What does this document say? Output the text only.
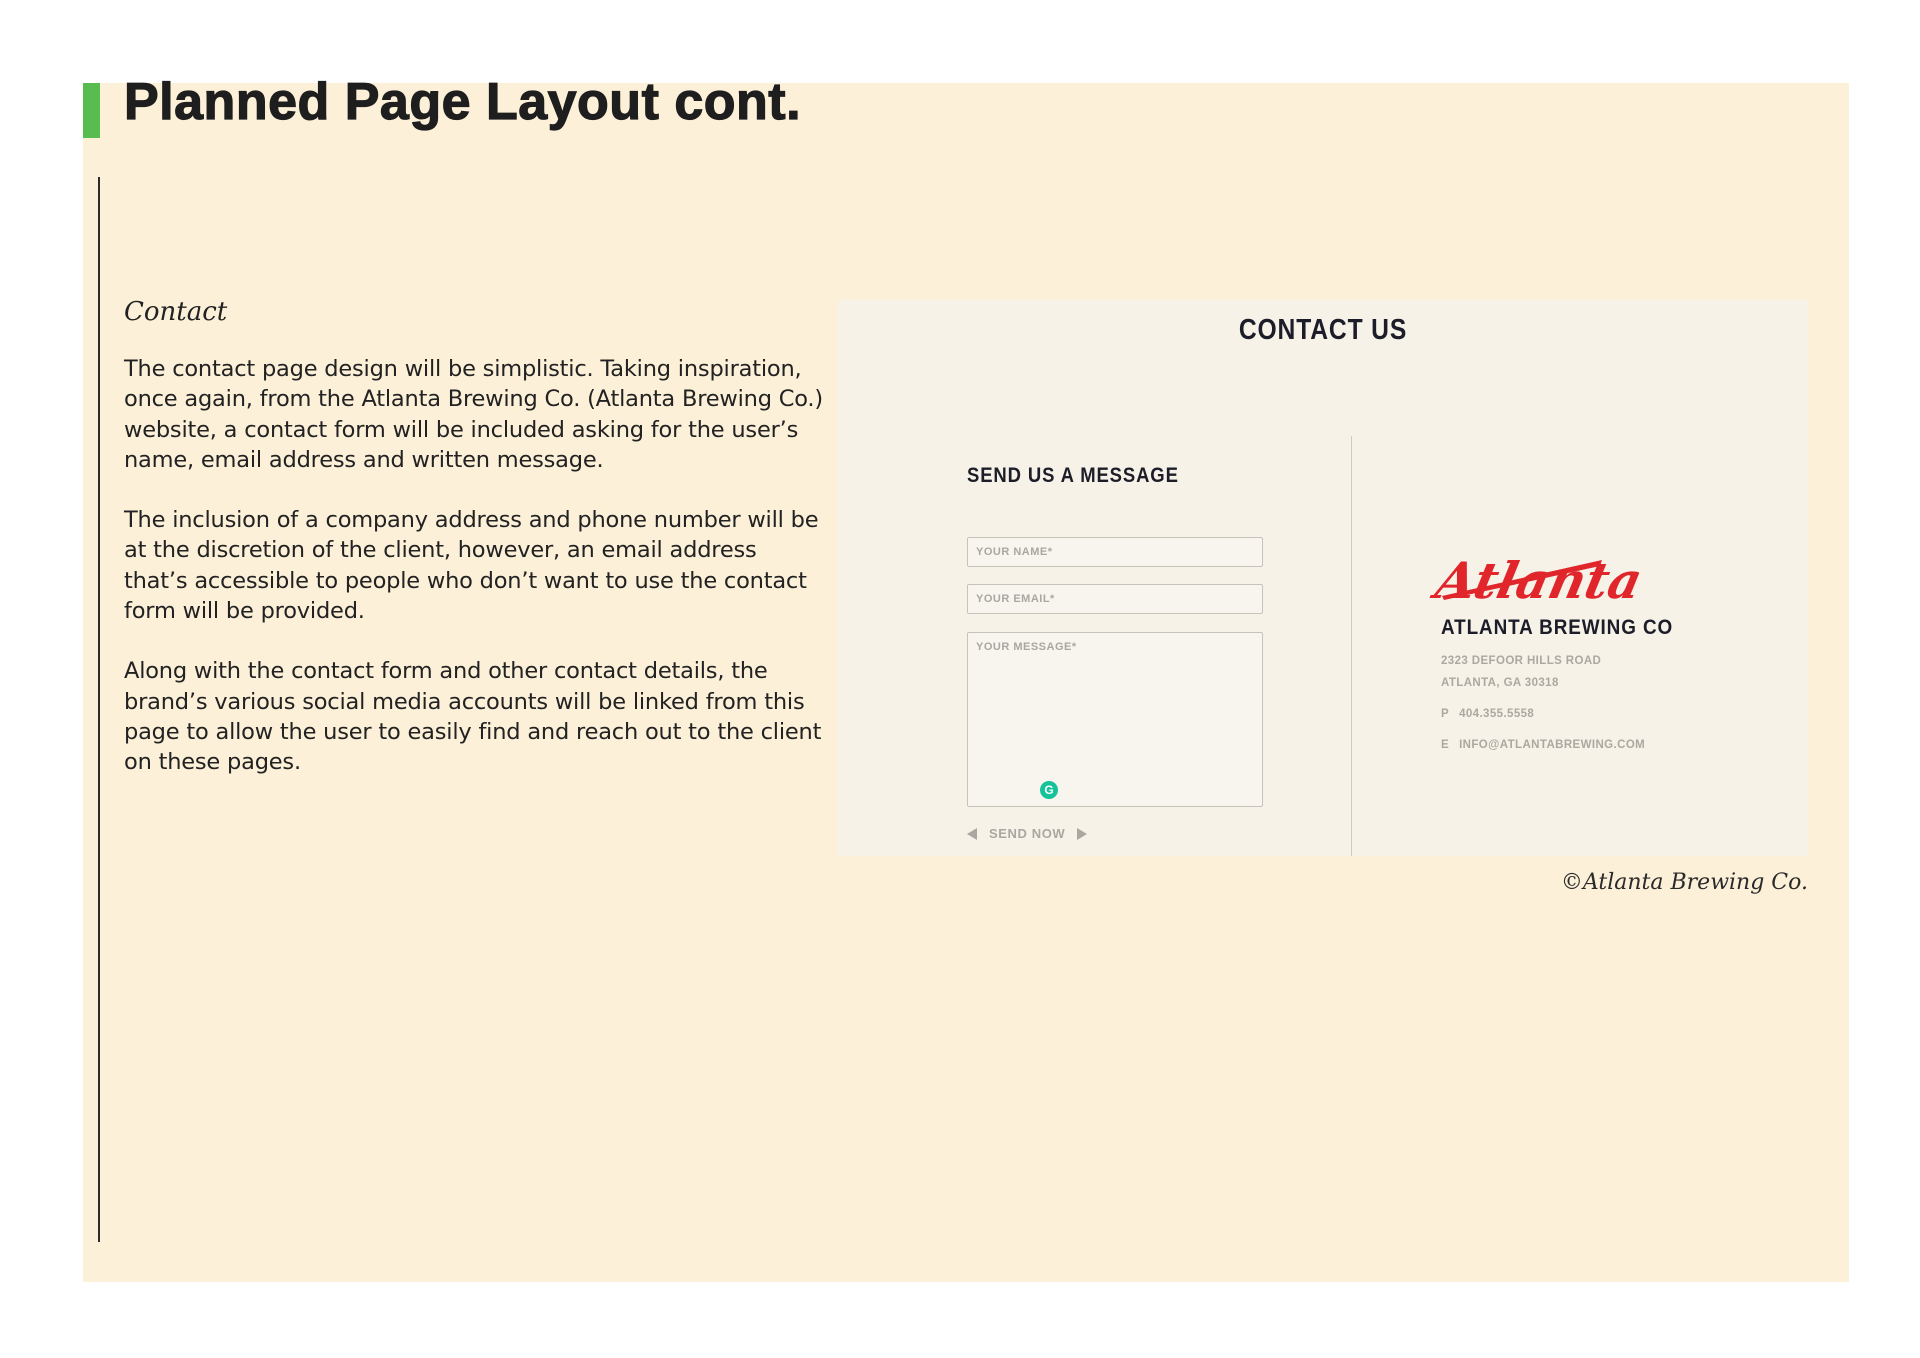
Planned Page Layout cont.

Contact

The contact page design will be simplistic. Taking inspiration, once again, from the Atlanta Brewing Co. (Atlanta Brewing Co.) website, a contact form will be included asking for the user’s name, email address and written message.

The inclusion of a company address and phone number will be at the discretion of the client, however, an email address that’s accessible to people who don’t want to use the contact form will be provided.

Along with the contact form and other contact details, the brand’s various social media accounts will be linked from this page to allow the user to easily find and reach out to the client on these pages.

CONTACT US
SEND US A MESSAGE
YOUR NAME*
YOUR EMAIL*
YOUR MESSAGE*
G
SEND NOW
Atlanta
ATLANTA BREWING CO
2323 DEFOOR HILLS ROAD
ATLANTA, GA 30318
P 404.355.5558
E INFO@ATLANTABREWING.COM
©Atlanta Brewing Co.
